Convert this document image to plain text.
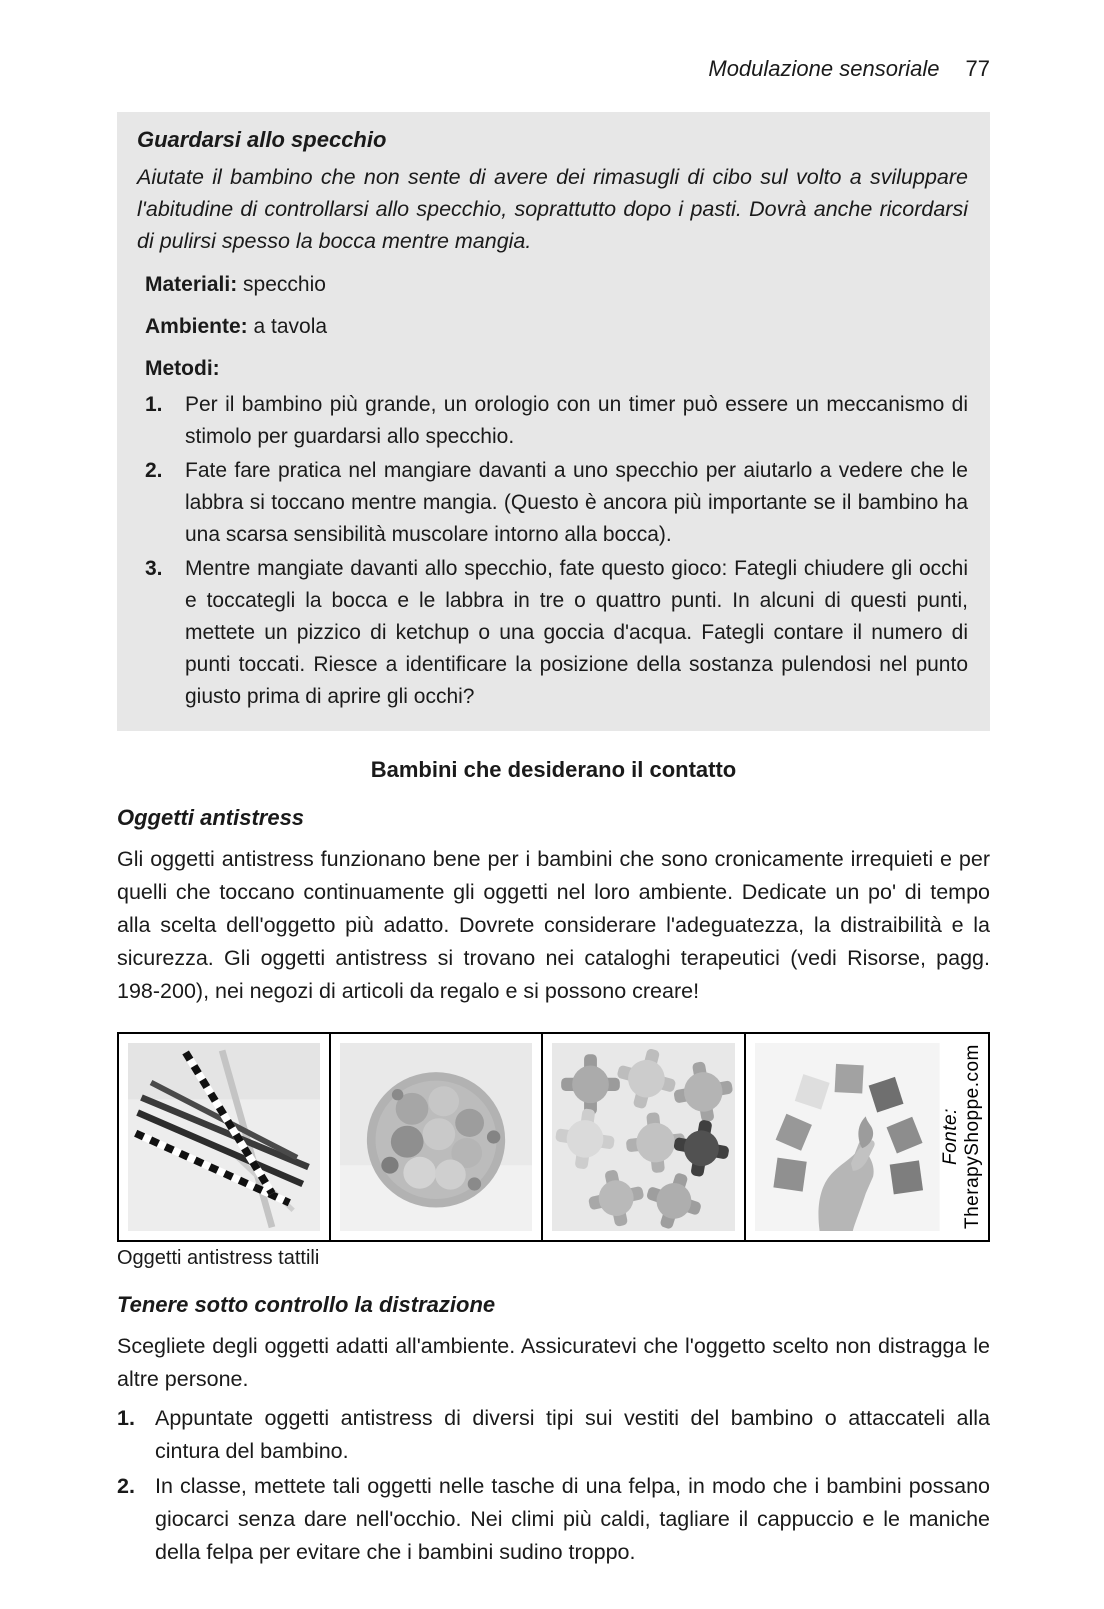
Modulazione sensoriale 77
Guardarsi allo specchio

Aiutate il bambino che non sente di avere dei rimasugli di cibo sul volto a sviluppare l'abitudine di controllarsi allo specchio, soprattutto dopo i pasti. Dovrà anche ricordarsi di pulirsi spesso la bocca mentre mangia.

Materiali: specchio

Ambiente: a tavola

Metodi:

1. Per il bambino più grande, un orologio con un timer può essere un meccanismo di stimolo per guardarsi allo specchio.
2. Fate fare pratica nel mangiare davanti a uno specchio per aiutarlo a vedere che le labbra si toccano mentre mangia. (Questo è ancora più importante se il bambino ha una scarsa sensibilità muscolare intorno alla bocca).
3. Mentre mangiate davanti allo specchio, fate questo gioco: Fategli chiudere gli occhi e toccategli la bocca e le labbra in tre o quattro punti. In alcuni di questi punti, mettete un pizzico di ketchup o una goccia d'acqua. Fategli contare il numero di punti toccati. Riesce a identificare la posizione della sostanza pulendosi nel punto giusto prima di aprire gli occhi?
Bambini che desiderano il contatto
Oggetti antistress

Gli oggetti antistress funzionano bene per i bambini che sono cronicamente irrequieti e per quelli che toccano continuamente gli oggetti nel loro ambiente. Dedicate un po' di tempo alla scelta dell'oggetto più adatto. Dovrete considerare l'adeguatezza, la distraibilità e la sicurezza. Gli oggetti antistress si trovano nei cataloghi terapeutici (vedi Risorse, pagg. 198-200), nei negozi di articoli da regalo e si possono creare!

Fonte: TherapyShoppe.com
Oggetti antistress tattili
Tenere sotto controllo la distrazione

Scegliete degli oggetti adatti all'ambiente. Assicuratevi che l'oggetto scelto non distragga le altre persone.

1. Appuntate oggetti antistress di diversi tipi sui vestiti del bambino o attaccateli alla cintura del bambino.
2. In classe, mettete tali oggetti nelle tasche di una felpa, in modo che i bambini possano giocarci senza dare nell'occhio. Nei climi più caldi, tagliare il cappuccio e le maniche della felpa per evitare che i bambini sudino troppo.
